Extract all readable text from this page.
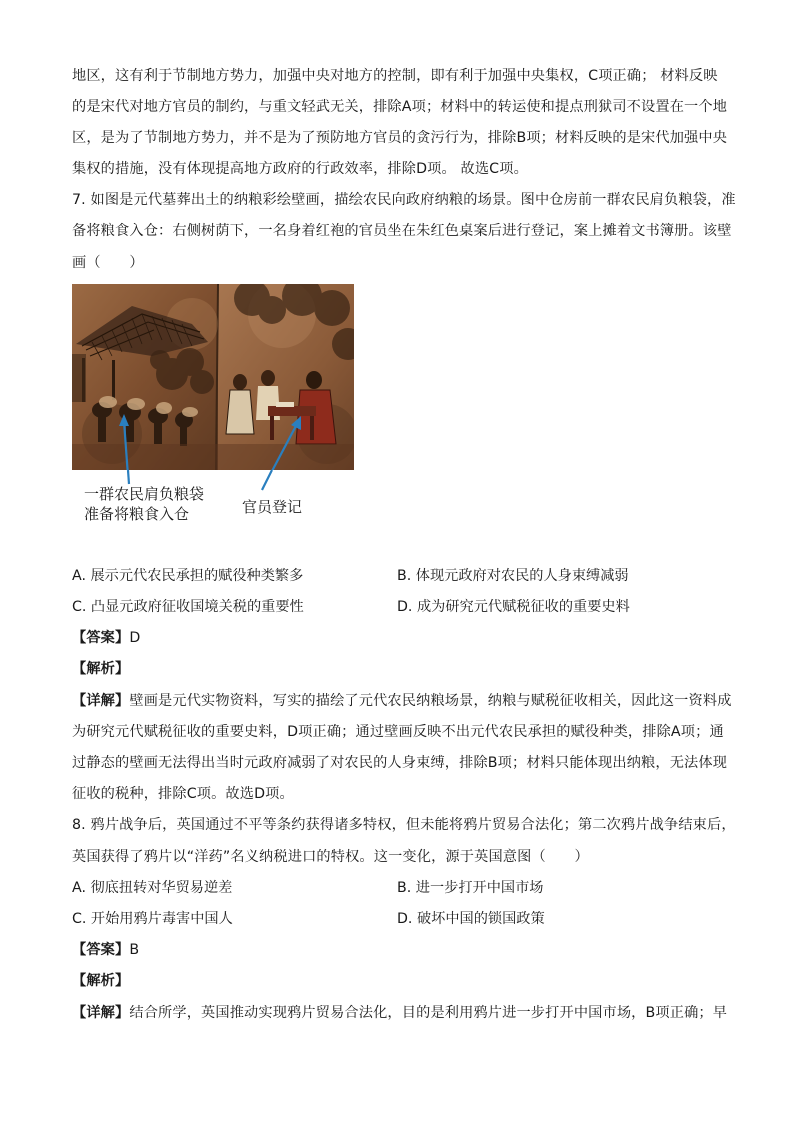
地区，这有利于节制地方势力，加强中央对地方的控制，即有利于加强中央集权，C项正确； 材料反映
的是宋代对地方官员的制约，与重文轻武无关，排除A项；材料中的转运使和提点刑狱司不设置在一个地
区，是为了节制地方势力，并不是为了预防地方官员的贪污行为，排除B项；材料反映的是宋代加强中央
集权的措施，没有体现提高地方政府的行政效率，排除D项。 故选C项。
7. 如图是元代墓葬出土的纳粮彩绘壁画，描绘农民向政府纳粮的场景。图中仓房前一群农民肩负粮袋，准
备将粮食入仓：右侧树荫下，一名身着红袍的官员坐在朱红色桌案后进行登记，案上摊着文书簿册。该壁
画（　　）
一群农民肩负粮袋
准备将粮食入仓	官员登记
A. 展示元代农民承担的赋役种类繁多	B. 体现元政府对农民的人身束缚减弱
C. 凸显元政府征收国境关税的重要性	D. 成为研究元代赋税征收的重要史料
【答案】D
【解析】
【详解】壁画是元代实物资料，写实的描绘了元代农民纳粮场景，纳粮与赋税征收相关，因此这一资料成
为研究元代赋税征收的重要史料，D项正确；通过壁画反映不出元代农民承担的赋役种类，排除A项；通
过静态的壁画无法得出当时元政府减弱了对农民的人身束缚，排除B项；材料只能体现出纳粮，无法体现
征收的税种，排除C项。故选D项。
8. 鸦片战争后，英国通过不平等条约获得诸多特权，但未能将鸦片贸易合法化；第二次鸦片战争结束后，
英国获得了鸦片以“洋药”名义纳税进口的特权。这一变化，源于英国意图（　　）
A. 彻底扭转对华贸易逆差	B. 进一步打开中国市场
C. 开始用鸦片毒害中国人	D. 破坏中国的锁国政策
【答案】B
【解析】
【详解】结合所学，英国推动实现鸦片贸易合法化，目的是利用鸦片进一步打开中国市场，B项正确；早
